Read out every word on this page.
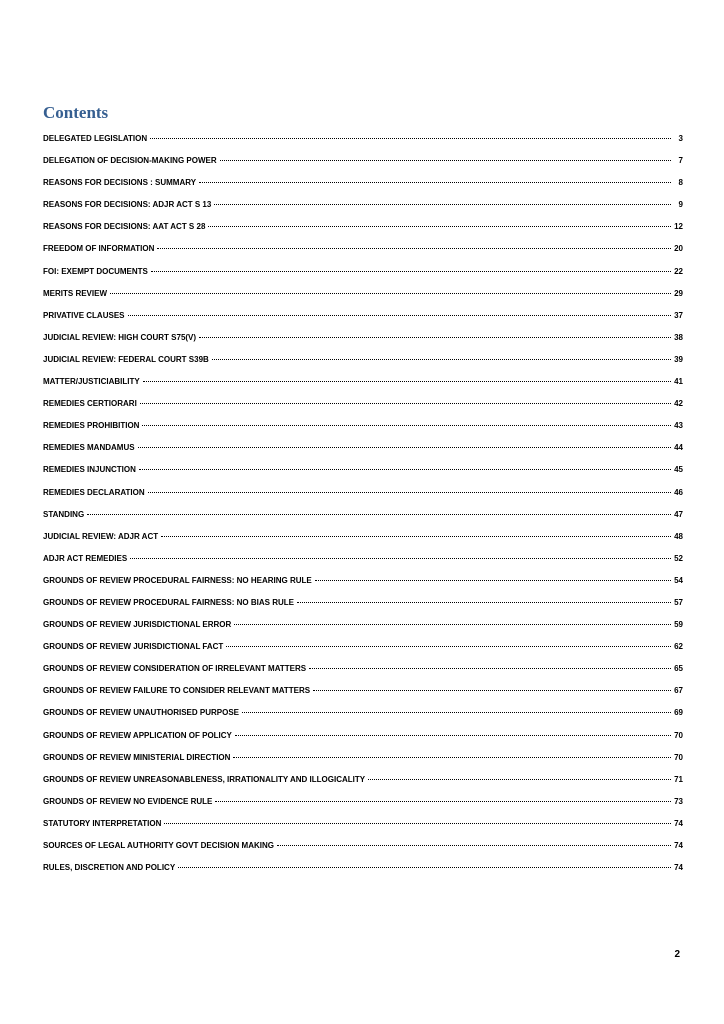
Contents
DELEGATED LEGISLATION	3
DELEGATION OF DECISION-MAKING POWER	7
REASONS FOR DECISIONS : SUMMARY	8
REASONS FOR DECISIONS: ADJR ACT S 13	9
REASONS FOR DECISIONS: AAT ACT S 28	12
FREEDOM OF INFORMATION	20
FOI: EXEMPT DOCUMENTS	22
MERITS REVIEW	29
PRIVATIVE CLAUSES	37
JUDICIAL REVIEW: HIGH COURT S75(V)	38
JUDICIAL REVIEW: FEDERAL COURT S39B	39
MATTER/JUSTICIABILITY	41
REMEDIES CERTIORARI	42
REMEDIES PROHIBITION	43
REMEDIES MANDAMUS	44
REMEDIES INJUNCTION	45
REMEDIES DECLARATION	46
STANDING	47
JUDICIAL REVIEW: ADJR ACT	48
ADJR ACT REMEDIES	52
GROUNDS OF REVIEW PROCEDURAL FAIRNESS: NO HEARING RULE	54
GROUNDS OF REVIEW PROCEDURAL FAIRNESS: NO BIAS RULE	57
GROUNDS OF REVIEW JURISDICTIONAL ERROR	59
GROUNDS OF REVIEW JURISDICTIONAL FACT	62
GROUNDS OF REVIEW CONSIDERATION OF IRRELEVANT MATTERS	65
GROUNDS OF REVIEW FAILURE TO CONSIDER RELEVANT MATTERS	67
GROUNDS OF REVIEW UNAUTHORISED PURPOSE	69
GROUNDS OF REVIEW APPLICATION OF POLICY	70
GROUNDS OF REVIEW MINISTERIAL DIRECTION	70
GROUNDS OF REVIEW UNREASONABLENESS, IRRATIONALITY AND ILLOGICALITY	71
GROUNDS OF REVIEW NO EVIDENCE RULE	73
STATUTORY INTERPRETATION	74
SOURCES OF LEGAL AUTHORITY GOVT DECISION MAKING	74
RULES, DISCRETION AND POLICY	74
2
